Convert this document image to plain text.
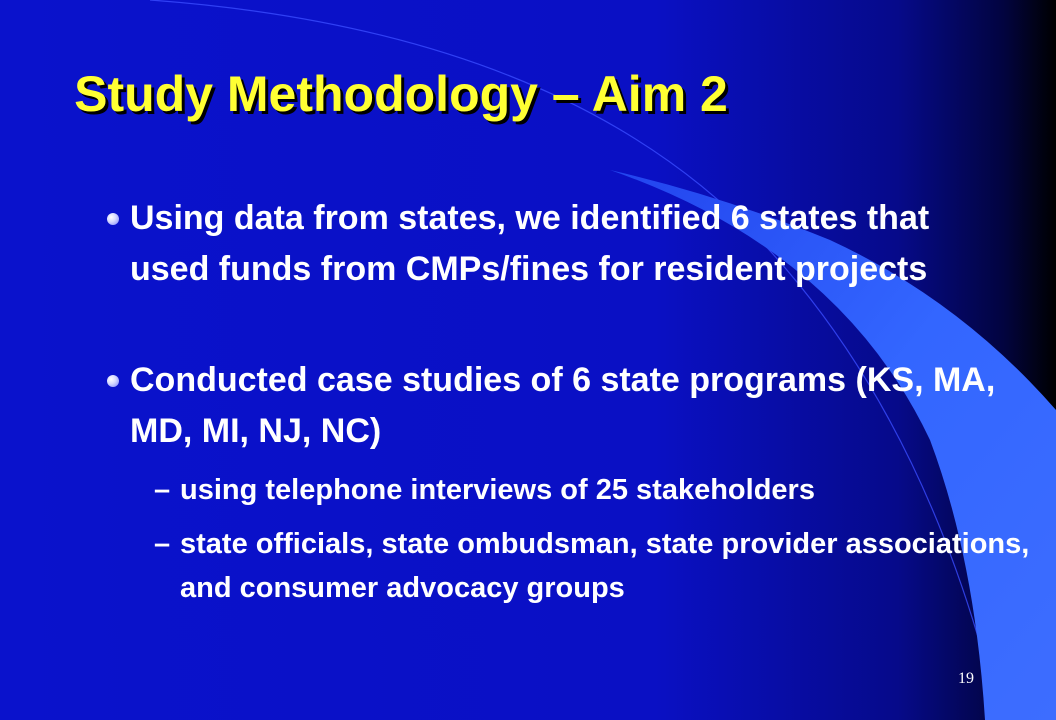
Study Methodology – Aim 2
Using data from states, we identified 6 states that used funds from CMPs/fines for resident projects
Conducted case studies of 6 state programs (KS, MA, MD, MI, NJ, NC)
– using telephone interviews of 25 stakeholders
– state officials, state ombudsman, state provider associations, and consumer advocacy groups
19
